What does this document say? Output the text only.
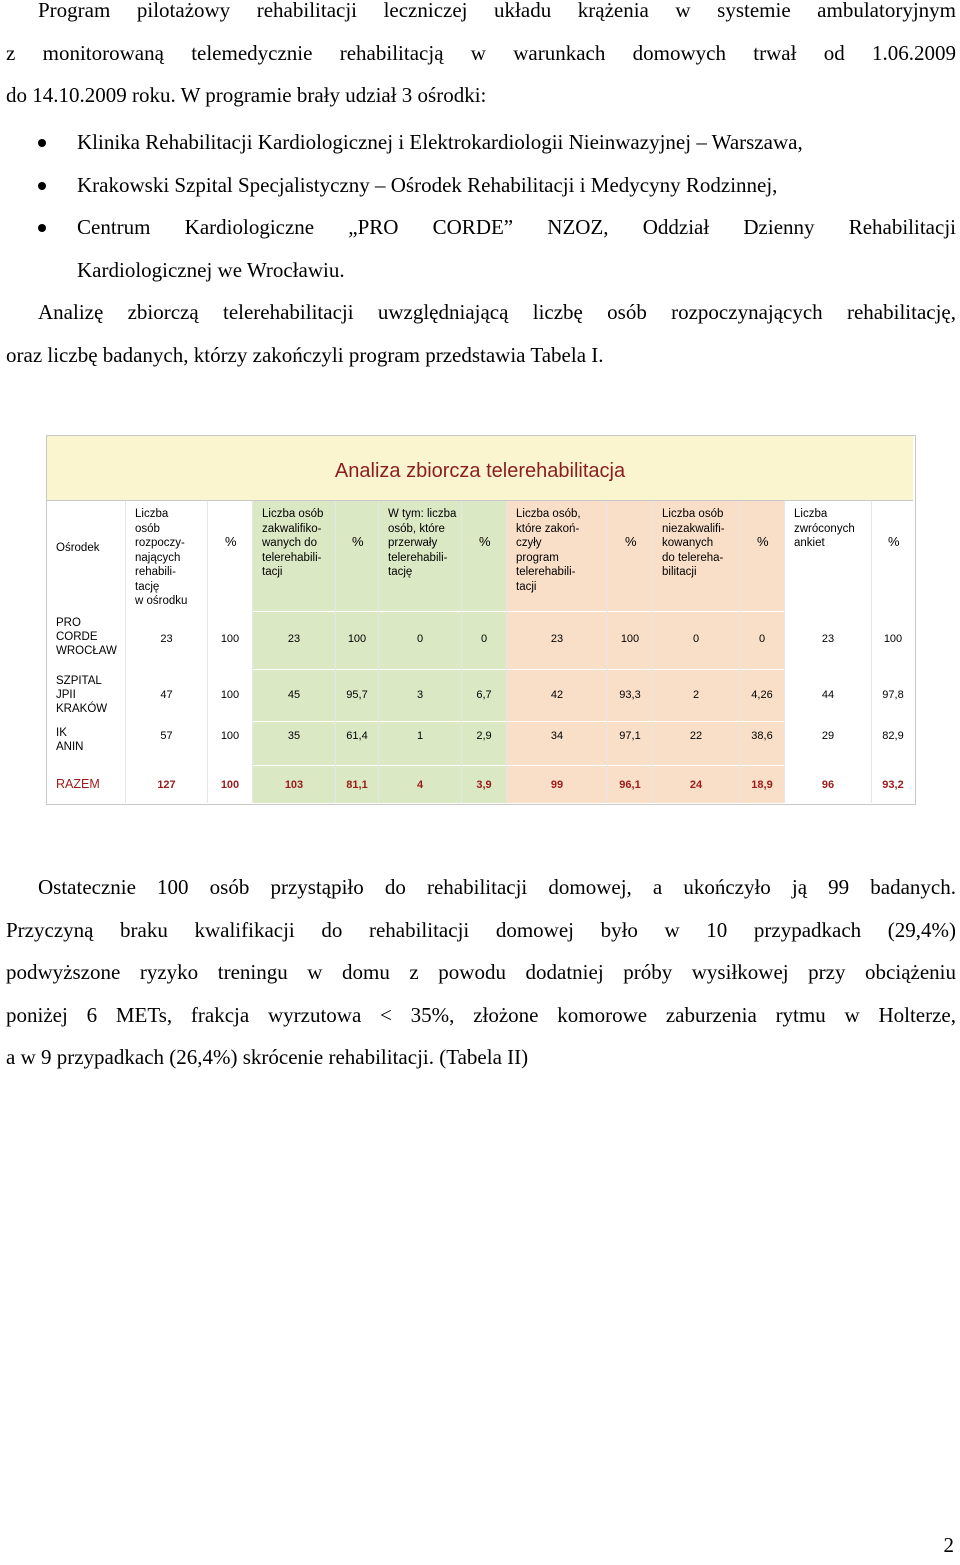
Program pilotażowy rehabilitacji leczniczej układu krążenia w systemie ambulatoryjnym
z monitorowaną telemedycznie rehabilitacją w warunkach domowych trwał od 1.06.2009
do 14.10.2009 roku. W programie brały udział 3 ośrodki:
Klinika Rehabilitacji Kardiologicznej i Elektrokardiologii Nieinwazyjnej – Warszawa,
Krakowski Szpital Specjalistyczny – Ośrodek Rehabilitacji i Medycyny Rodzinnej,
Centrum Kardiologiczne „PRO CORDE” NZOZ, Oddział Dzienny Rehabilitacji
Kardiologicznej we Wrocławiu.
Analizę zbiorczą telerehabilitacji uwzględniającą liczbę osób rozpoczynających rehabilitację,
oraz liczbę badanych, którzy zakończyli program przedstawia Tabela I.
Analiza zbiorcza telerehabilitacja
Ośrodek
PRO
CORDE
WROCŁAW
SZPITAL
JPII
KRAKÓW
IK
ANIN
RAZEM
Liczba
osób
rozpoczy-
nających
rehabili-
tację
w ośrodku
23
47
57
127
%
100
100
100
100
Liczba osób
zakwalifiko-
wanych do
telerehabili-
tacji
23
45
35
103
%
100
95,7
61,4
81,1
W tym: liczba
osób, które
przerwały
telerehabili-
tację
0
3
1
4
%
0
6,7
2,9
3,9
Liczba osób,
które zakoń-
czyły
program
telerehabili-
tacji
23
42
34
99
%
100
93,3
97,1
96,1
Liczba osób
niezakwalifi-
kowanych
do telereha-
bilitacji
0
2
22
24
%
0
4,26
38,6
18,9
Liczba
zwróconych
ankiet
23
44
29
96
%
100
97,8
82,9
93,2
Ostatecznie 100 osób przystąpiło do rehabilitacji domowej, a ukończyło ją 99 badanych.
Przyczyną braku kwalifikacji do rehabilitacji domowej było w 10 przypadkach (29,4%)
podwyższone ryzyko treningu w domu z powodu dodatniej próby wysiłkowej przy obciążeniu
poniżej 6 METs, frakcja wyrzutowa < 35%, złożone komorowe zaburzenia rytmu w Holterze,
a w 9 przypadkach (26,4%) skrócenie rehabilitacji. (Tabela II)
2
